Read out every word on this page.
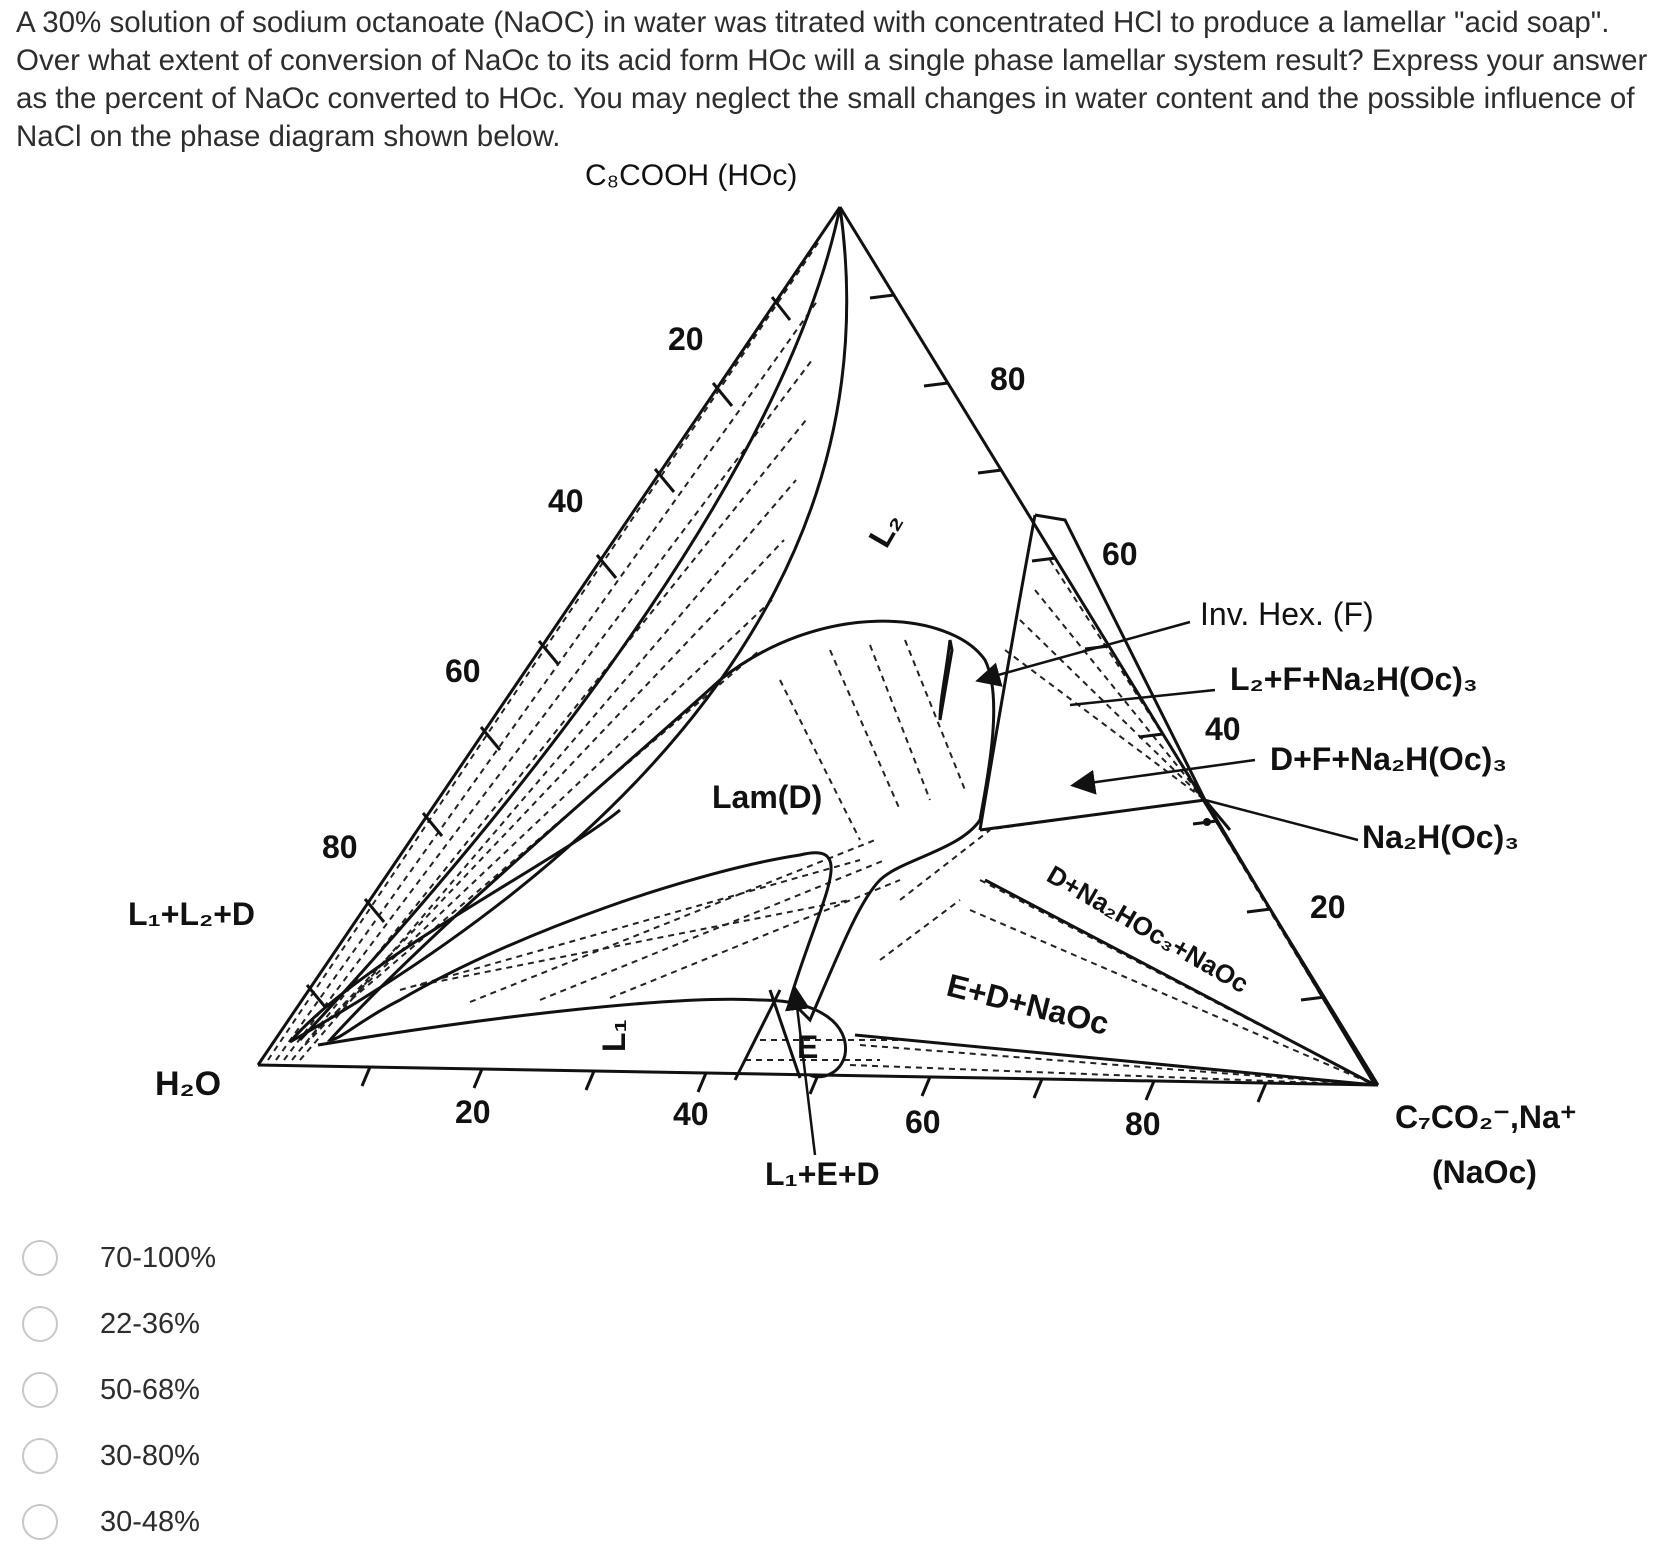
A 30% solution of sodium octanoate (NaOC) in water was titrated with concentrated HCl to produce a lamellar "acid soap". Over what extent of conversion of NaOc to its acid form HOc will a single phase lamellar system result? Express your answer as the percent of NaOc converted to HOc. You may neglect the small changes in water content and the possible influence of NaCl on the phase diagram shown below.

C₈COOH (HOc)
H₂O
C₇CO₂⁻,Na⁺
(NaOc)
20
40
60
80
80
60
40
20
20	40	60	80
L₁+L₂+D
L₂
Lam(D)
L₁	E
L₁+E+D
E+D+NaOc
D+Na₂HOc₃+NaOc
Inv. Hex. (F)
L₂+F+Na₂H(Oc)₃
D+F+Na₂H(Oc)₃
Na₂H(Oc)₃
70-100%
22-36%
50-68%
30-80%
30-48%
